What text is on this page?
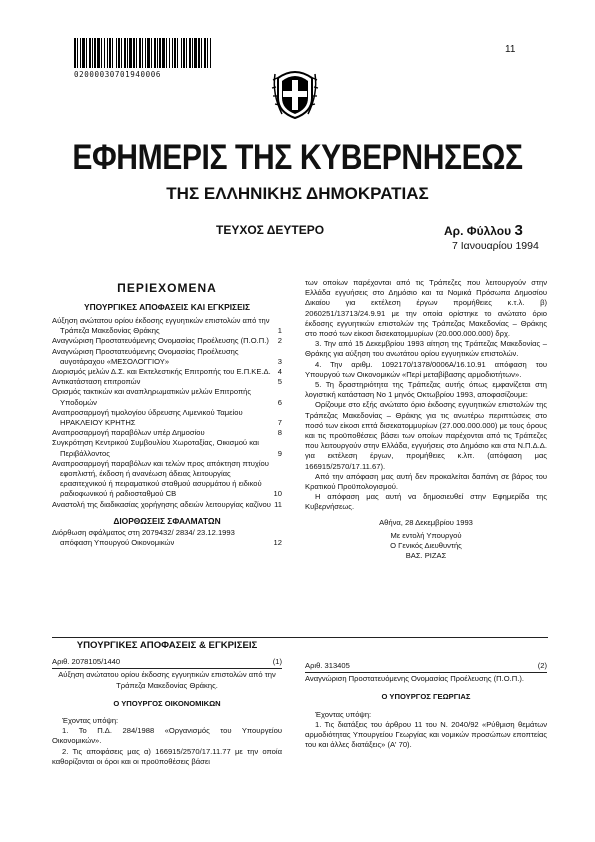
02000030701940006
11
ΕΦΗΜΕΡΙΣ ΤΗΣ ΚΥΒΕΡΝΗΣΕΩΣ
ΤΗΣ ΕΛΛΗΝΙΚΗΣ ΔΗΜΟΚΡΑΤΙΑΣ
ΤΕΥΧΟΣ ΔΕΥΤΕΡΟ	Αρ. Φύλλου 3
7 Ιανουαρίου 1994
ΠΕΡΙΕΧΟΜΕΝΑ
ΥΠΟΥΡΓΙΚΕΣ ΑΠΟΦΑΣΕΙΣ ΚΑΙ ΕΓΚΡΙΣΕΙΣ
Αύξηση ανώτατου ορίου έκδοσης εγγυητικών επιστολών από την Τράπεζα Μακεδονίας Θράκης	1
Αναγνώριση Προστατευόμενης Ονομασίας Προέλευσης (Π.Ο.Π.)	2
Αναγνώριση Προστατευόμενης Ονομασίας Προέλευσης αυγοτάραχου «ΜΕΣΟΛΟΓΓΙΟΥ»	3
Διορισμός μελών Δ.Σ. και Εκτελεστικής Επιτροπής του Ε.Π.ΚΕ.Δ. 4
Αντικατάσταση επιτροπών	5
Ορισμός τακτικών και αναπληρωματικών μελών Επιτροπής Υποδομών	6
Αναπροσαρμογή τιμολογίου ύδρευσης Λιμενικού Ταμείου ΗΡΑΚΛΕΙΟΥ ΚΡΗΤΗΣ	7
Αναπροσαρμογή παραβόλων υπέρ Δημοσίου	8
Συγκρότηση Κεντρικού Συμβουλίου Χωροταξίας, Οικισμού και Περιβάλλοντος	9
Αναπροσαρμογή παραβόλων και τελών προς απόκτηση πτυχίου εφοπλιστή, έκδοση ή ανανέωση άδειας λειτουργίας ερασιτεχνικού ή πειραματικού σταθμού ασυρμάτου ή ειδικού ραδιοφωνικού ή ραδιοσταθμού CB	10
Αναστολή της διαδικασίας χορήγησης αδειών λειτουργίας καζίνου 11
ΔΙΟΡΘΩΣΕΙΣ ΣΦΑΛΜΑΤΩΝ
Διόρθωση σφάλματος στη 2079432/ 2834/ 23.12.1993 απόφαση Υπουργού Οικονομικών	12

των οποίων παρέχονται από τις Τράπεζες που λειτουργούν στην Ελλάδα εγγυήσεις στο Δημόσιο και τα Νομικά Πρόσωπα Δημοσίου Δικαίου για εκτέλεση έργων προμήθειες κ.τ.λ. β) 2060251/13713/24.9.91 με την οποία ορίστηκε το ανώτατο όριο έκδοσης εγγυητικών επιστολών της Τράπεζας Μακεδονίας – Θράκης στο ποσό των είκοσι δισεκατομμυρίων (20.000.000.000) δρχ.

3. Την από 15 Δεκεμβρίου 1993 αίτηση της Τράπεζας Μακεδονίας – Θράκης για αύξηση του ανωτάτου ορίου εγγυητικών επιστολών.

4. Την αριθμ. 1092170/1378/0006Α/16.10.91 απόφαση του Υπουργού των Οικονομικών «Περί μεταβίβασης αρμοδιοτήτων».

5. Τη δραστηριότητα της Τράπεζας αυτής όπως εμφανίζεται στη λογιστική κατάσταση Νο 1 μηνός Οκτωβρίου 1993, αποφασίζουμε:

Ορίζουμε στο εξής ανώτατο όριο έκδοσης εγγυητικών επιστολών της Τράπεζας Μακεδονίας – Θράκης για τις ανωτέρω περιπτώσεις στο ποσό των είκοσι επτά δισεκατομμυρίων (27.000.000.000) με τους όρους και τις προϋποθέσεις βάσει των οποίων παρέχονται από τις Τράπεζες που λειτουργούν στην Ελλάδα, εγγυήσεις στο Δημόσιο και στα Ν.Π.Δ.Δ. για εκτέλεση έργων, προμήθειες κ.λπ. (απόφαση μας 166915/2570/17.11.67).

Από την απόφαση μας αυτή δεν προκαλείται δαπάνη σε βάρος του Κρατικού Προϋπολογισμού.

Η απόφαση μας αυτή να δημοσιευθεί στην Εφημερίδα της Κυβερνήσεως.

Αθήνα, 28 Δεκεμβρίου 1993

Με εντολή Υπουργού

Ο Γενικός Διευθυντής

ΒΑΣ. ΡΙΖΑΣ

ΥΠΟΥΡΓΙΚΕΣ ΑΠΟΦΑΣΕΙΣ & ΕΓΚΡΙΣΕΙΣ
Αριθ. 2078105/1440	(1)
Αύξηση ανώτατου ορίου έκδοσης εγγυητικών επιστολών από την Τράπεζα Μακεδονίας Θράκης.
Ο ΥΠΟΥΡΓΟΣ ΟΙΚΟΝΟΜΙΚΩΝ

Έχοντας υπόψη:

1. Το Π.Δ. 284/1988 «Οργανισμός του Υπουργείου Οικονομικών».

2. Τις αποφάσεις μας α) 166915/2570/17.11.77 με την οποία καθορίζονται οι όροι και οι προϋποθέσεις βάσει

Αριθ. 313405	(2)
Αναγνώριση Προστατευόμενης Ονομασίας Προέλευσης (Π.Ο.Π.).
Ο ΥΠΟΥΡΓΟΣ ΓΕΩΡΓΙΑΣ

Έχοντας υπόψη:

1. Τις διατάξεις του άρθρου 11 του Ν. 2040/92 «Ρύθμιση θεμάτων αρμοδιότητας Υπουργείου Γεωργίας και νομικών προσώπων εποπτείας του και άλλες διατάξεις» (Α' 70).
